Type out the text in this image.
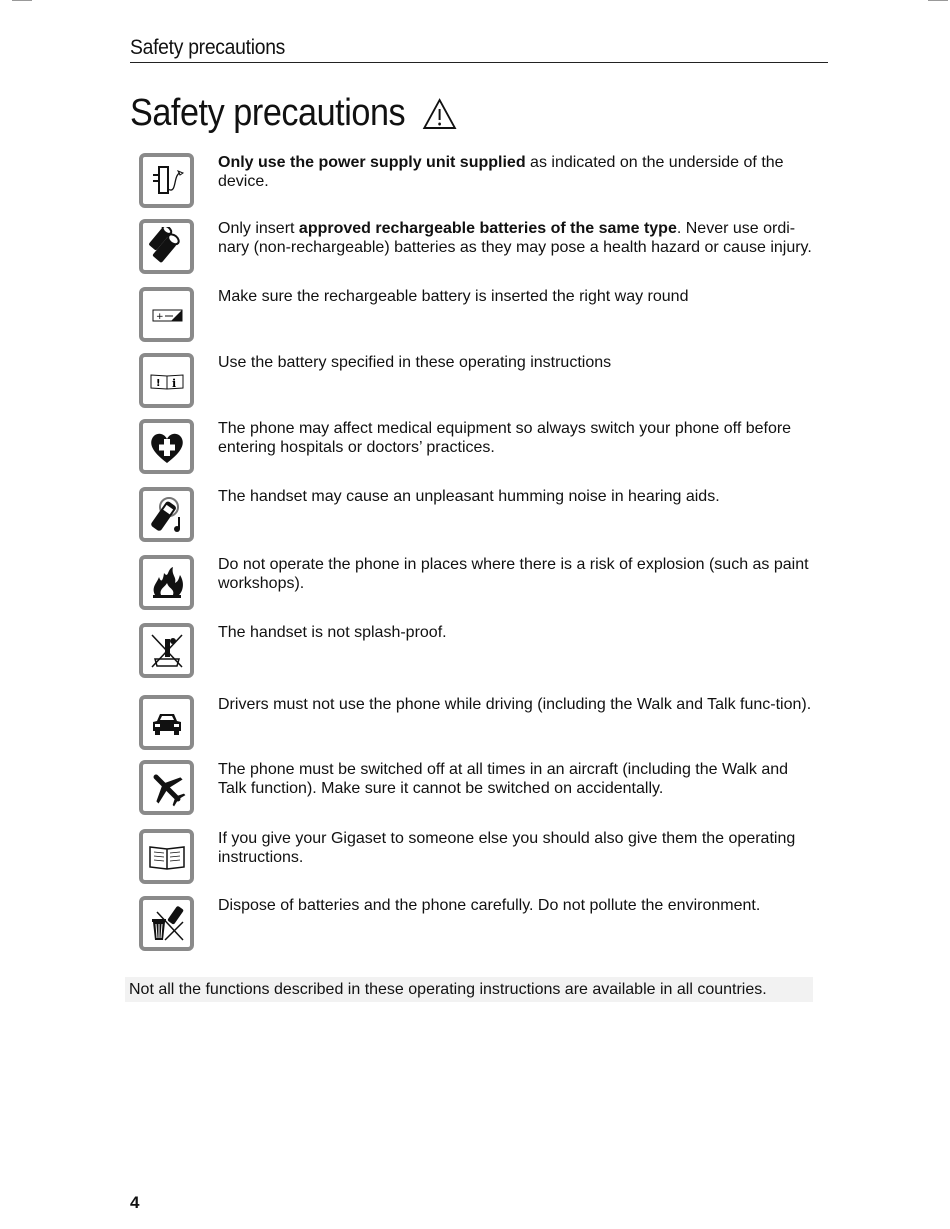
Safety precautions
Safety precautions
Only use the power supply unit supplied as indicated on the underside of the device.
Only insert approved rechargeable batteries of the same type. Never use ordi-nary (non-rechargeable) batteries as they may pose a health hazard or cause injury.
+
Make sure the rechargeable battery is inserted the right way round
! i
Use the battery specified in these operating instructions
The phone may affect medical equipment so always switch your phone off before entering hospitals or doctors’ practices.
The handset may cause an unpleasant humming noise in hearing aids.
Do not operate the phone in places where there is a risk of explosion (such as paint workshops).
The handset is not splash-proof.
Drivers must not use the phone while driving (including the Walk and Talk func-tion).
The phone must be switched off at all times in an aircraft (including the Walk and Talk function). Make sure it cannot be switched on accidentally.
If you give your Gigaset to someone else you should also give them the operating instructions.
Dispose of batteries and the phone carefully. Do not pollute the environment.
Not all the functions described in these operating instructions are available in all countries.
4
